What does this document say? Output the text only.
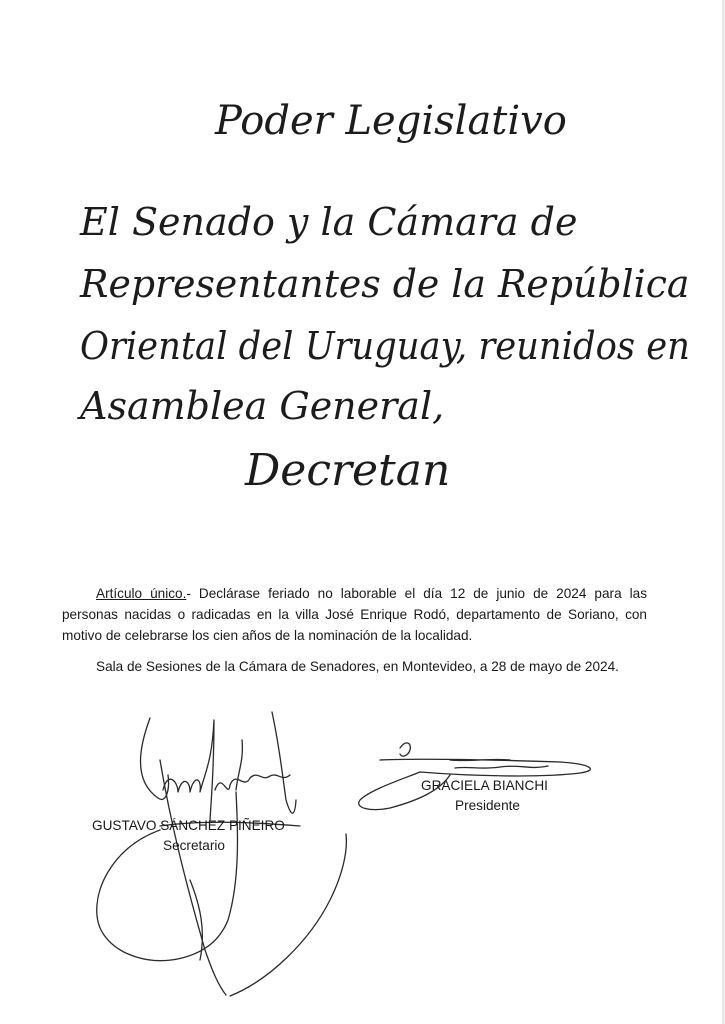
Poder Legislativo

El Senado y la Cámara de

Representantes de la República

Oriental del Uruguay, reunidos en

Asamblea General,

Decretan

Artículo único.- Declárase feriado no laborable el día 12 de junio de 2024 para las personas nacidas o radicadas en la villa José Enrique Rodó, departamento de Soriano, con motivo de celebrarse los cien años de la nominación de la localidad.

Sala de Sesiones de la Cámara de Senadores, en Montevideo, a 28 de mayo de 2024.

GUSTAVO SÁNCHEZ PIÑEIRO

Secretario

GRACIELA BIANCHI

Presidente
